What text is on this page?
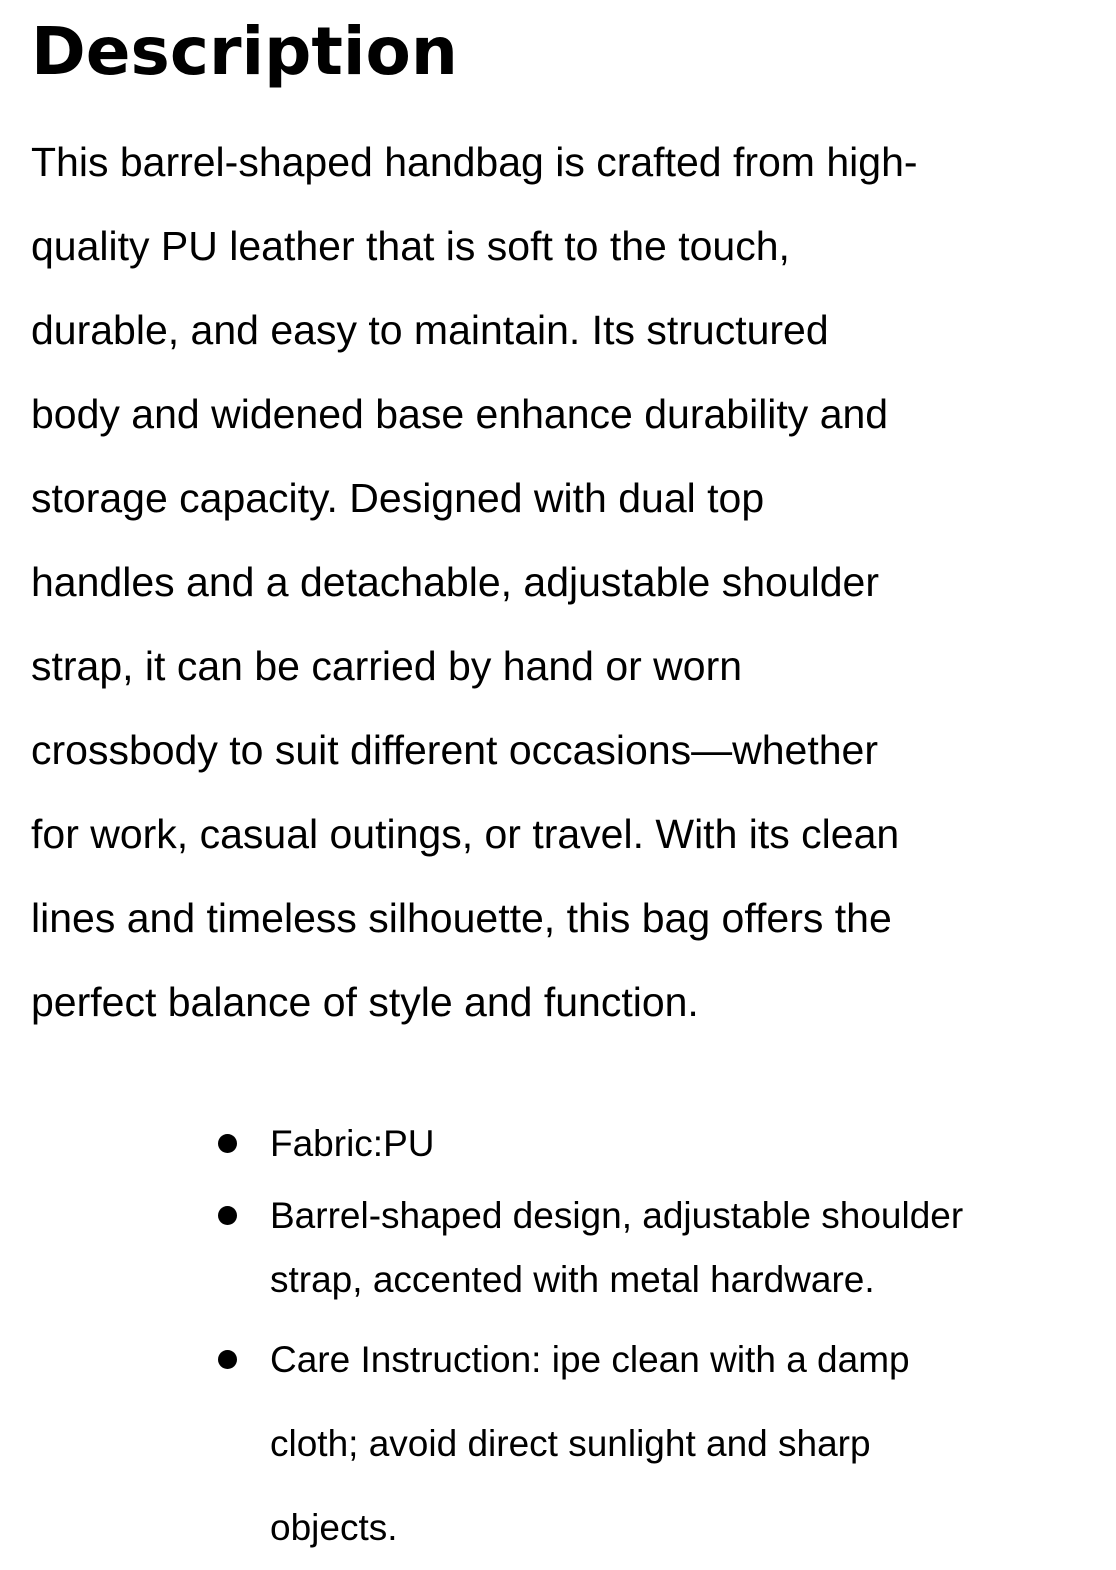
Description

This barrel-shaped handbag is crafted from high-
quality PU leather that is soft to the touch,
durable, and easy to maintain. Its structured
body and widened base enhance durability and
storage capacity. Designed with dual top
handles and a detachable, adjustable shoulder
strap, it can be carried by hand or worn
crossbody to suit different occasions—whether
for work, casual outings, or travel. With its clean
lines and timeless silhouette, this bag offers the
perfect balance of style and function.

Fabric:PU
Barrel-shaped design, adjustable shoulder
strap, accented with metal hardware.
Care Instruction: ipe clean with a damp
cloth; avoid direct sunlight and sharp
objects.
